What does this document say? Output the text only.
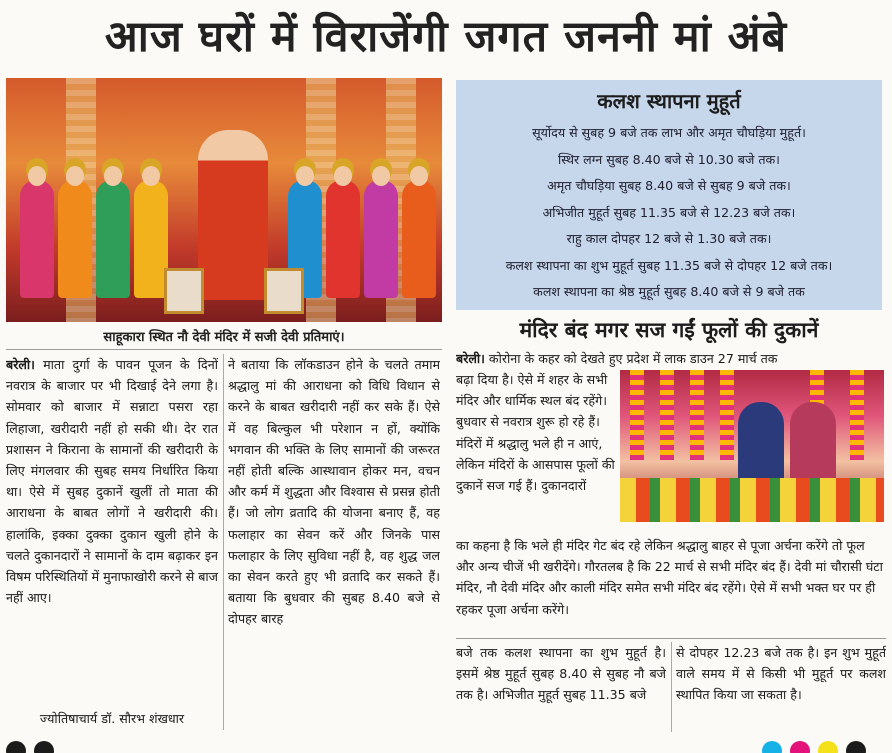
आज घरों में विराजेंगी जगत जननी मां अंबे
साहूकारा स्थित नौ देवी मंदिर में सजी देवी प्रतिमाएं।
बरेली। माता दुर्गा के पावन पूजन के दिनों नवरात्र के बाजार पर भी दिखाई देने लगा है। सोमवार को बाजार में सन्नाटा पसरा रहा लिहाजा, खरीदारी नहीं हो सकी थी। देर रात प्रशासन ने किराना के सामानों की खरीदारी के लिए मंगलवार की सुबह समय निर्धारित किया था। ऐसे में सुबह दुकानें खुलीं तो माता की आराधना के बाबत लोगों ने खरीदारी की। हालांकि, इक्का दुक्का दुकान खुली होने के चलते दुकानदारों ने सामानों के दाम बढ़ाकर इन विषम परिस्थितियों में मुनाफाखोरी करने से बाज नहीं आए।
ज्योतिषाचार्य डॉ. सौरभ शंखधार
ने बताया कि लॉकडाउन होने के चलते तमाम श्रद्धालु मां की आराधना को विधि विधान से करने के बाबत खरीदारी नहीं कर सके हैं। ऐसे में वह बिल्कुल भी परेशान न हों, क्योंकि भगवान की भक्ति के लिए सामानों की जरूरत नहीं होती बल्कि आस्थावान होकर मन, वचन और कर्म में शुद्धता और विश्वास से प्रसन्न होती हैं। जो लोग व्रतादि की योजना बनाए हैं, वह फलाहार का सेवन करें और जिनके पास फलाहार के लिए सुविधा नहीं है, वह शुद्ध जल का सेवन करते हुए भी व्रतादि कर सकते हैं। बताया कि बुधवार की सुबह 8.40 बजे से दोपहर बारह
कलश स्थापना मुहूर्त
सूर्योदय से सुबह 9 बजे तक लाभ और अमृत चौघड़िया मुहूर्त।
स्थिर लग्न सुबह 8.40 बजे से 10.30 बजे तक।
अमृत चौघड़िया सुबह 8.40 बजे से सुबह 9 बजे तक।
अभिजीत मुहूर्त सुबह 11.35 बजे से 12.23 बजे तक।
राहु काल दोपहर 12 बजे से 1.30 बजे तक।
कलश स्थापना का शुभ मुहूर्त सुबह 11.35 बजे से दोपहर 12 बजे तक।
कलश स्थापना का श्रेष्ठ मुहूर्त सुबह 8.40 बजे से 9 बजे तक
मंदिर बंद मगर सज गईं फूलों की दुकानें
बरेली। कोरोना के कहर को देखते हुए प्रदेश में लाक डाउन 27 मार्च तक
बढ़ा दिया है। ऐसे में शहर के सभी मंदिर और धार्मिक स्थल बंद रहेंगे। बुधवार से नवरात्र शुरू हो रहे हैं। मंदिरों में श्रद्धालु भले ही न आएं, लेकिन मंदिरों के आसपास फूलों की दुकानें सज गई हैं। दुकानदारों
का कहना है कि भले ही मंदिर गेट बंद रहे लेकिन श्रद्धालु बाहर से पूजा अर्चना करेंगे तो फूल और अन्य चीजें भी खरीदेंगे। गौरतलब है कि 22 मार्च से सभी मंदिर बंद हैं। देवी मां चौरासी घंटा मंदिर, नौ देवी मंदिर और काली मंदिर समेत सभी मंदिर बंद रहेंगे। ऐसे में सभी भक्त घर पर ही रहकर पूजा अर्चना करेंगे।
बजे तक कलश स्थापना का शुभ मुहूर्त है। इसमें श्रेष्ठ मुहूर्त सुबह 8.40 से सुबह नौ बजे तक है। अभिजीत मुहूर्त सुबह 11.35 बजे
से दोपहर 12.23 बजे तक है। इन शुभ मुहूर्त वाले समय में से किसी भी मुहूर्त पर कलश स्थापित किया जा सकता है।
